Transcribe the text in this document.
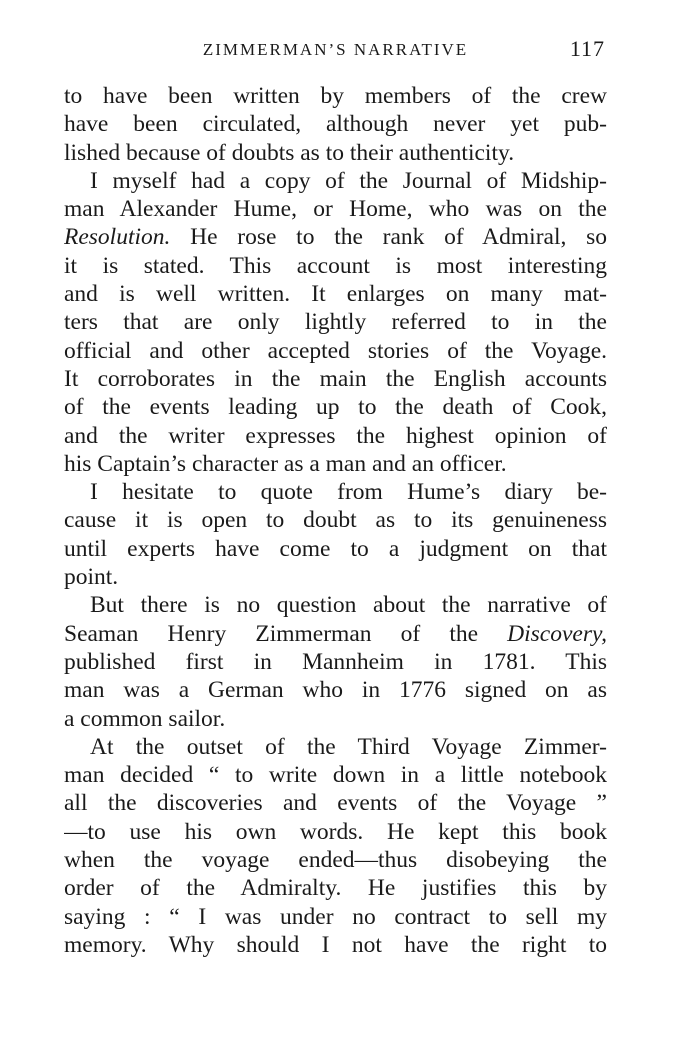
ZIMMERMAN’S NARRATIVE	117
to have been written by members of the crew
have been circulated, although never yet pub-
lished because of doubts as to their authenticity.
I myself had a copy of the Journal of Midship-
man Alexander Hume, or Home, who was on the
Resolution. He rose to the rank of Admiral, so
it is stated. This account is most interesting
and is well written. It enlarges on many mat-
ters that are only lightly referred to in the
official and other accepted stories of the Voyage.
It corroborates in the main the English accounts
of the events leading up to the death of Cook,
and the writer expresses the highest opinion of
his Captain’s character as a man and an officer.
I hesitate to quote from Hume’s diary be-
cause it is open to doubt as to its genuineness
until experts have come to a judgment on that
point.
But there is no question about the narrative of
Seaman Henry Zimmerman of the Discovery,
published first in Mannheim in 1781. This
man was a German who in 1776 signed on as
a common sailor.
At the outset of the Third Voyage Zimmer-
man decided “ to write down in a little notebook
all the discoveries and events of the Voyage ”
—to use his own words. He kept this book
when the voyage ended—thus disobeying the
order of the Admiralty. He justifies this by
saying : “ I was under no contract to sell my
memory. Why should I not have the right to
